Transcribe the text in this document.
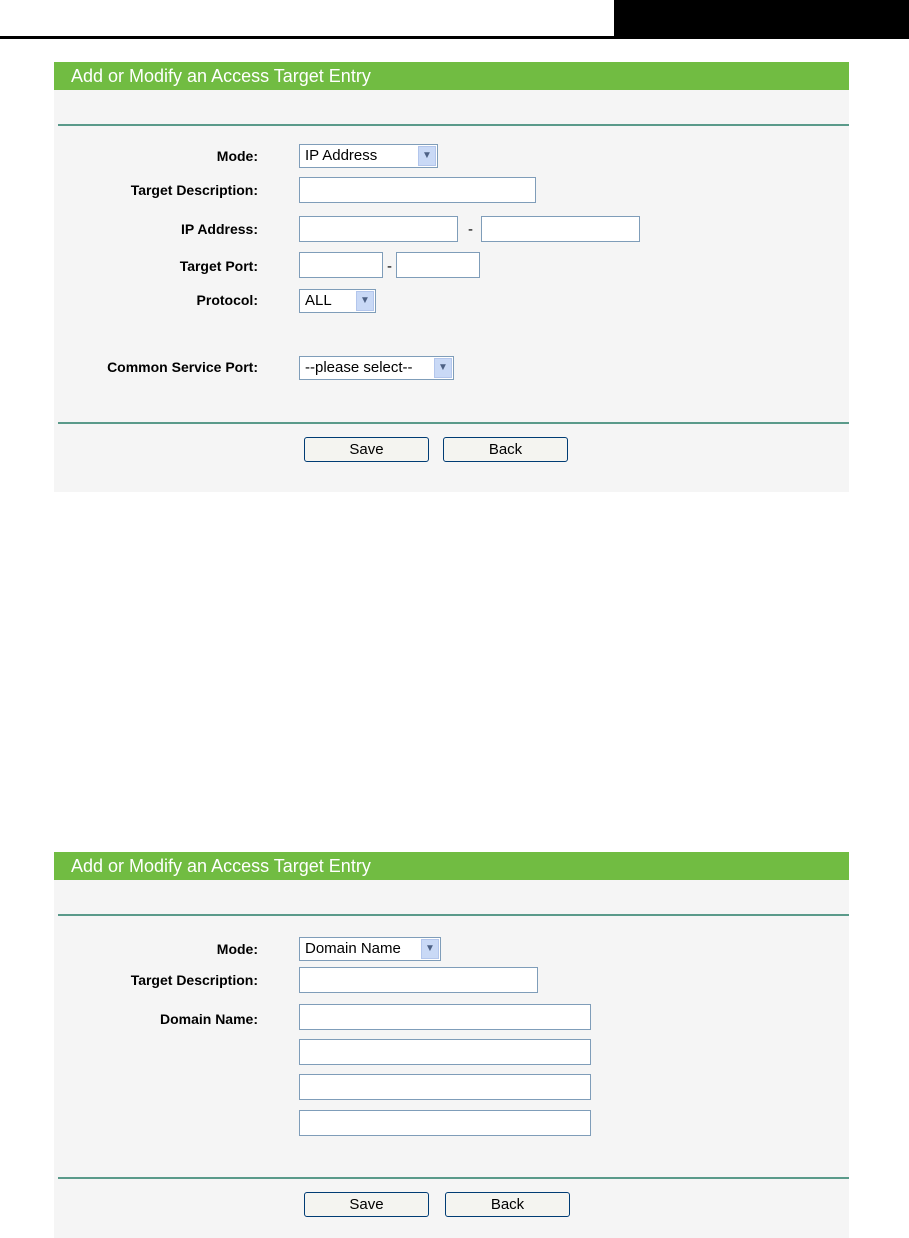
Add or Modify an Access Target Entry
Mode:	IP Address	▼
Target Description:
IP Address:	-
Target Port:	-
Protocol:	ALL	▼
Common Service Port:	--please select--	▼
Save	Back
Add or Modify an Access Target Entry
Mode:	Domain Name	▼
Target Description:
Domain Name:
Save	Back
